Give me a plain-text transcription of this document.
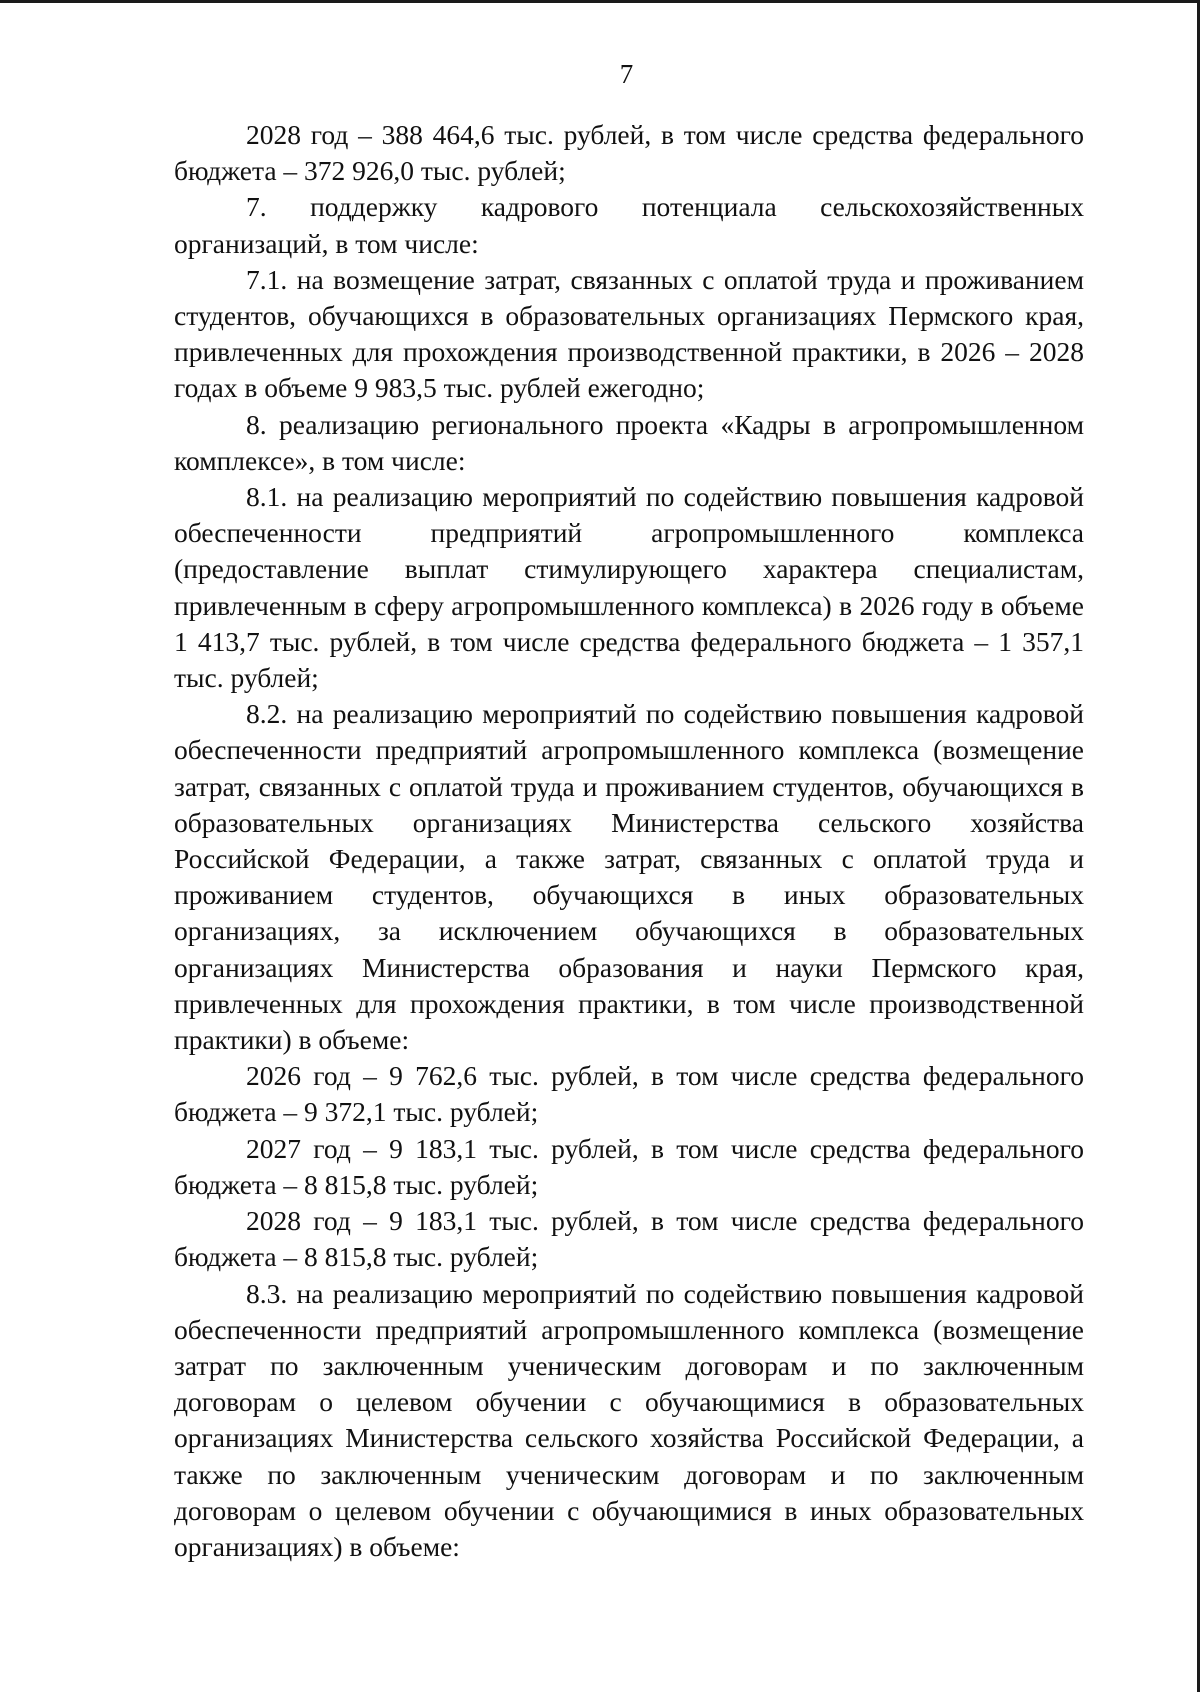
7

2028 год – 388 464,6 тыс. рублей, в том числе средства федерального бюджета – 372 926,0 тыс. рублей;

7. поддержку кадрового потенциала сельскохозяйственных организаций, в том числе:

7.1. на возмещение затрат, связанных с оплатой труда и проживанием студентов, обучающихся в образовательных организациях Пермского края, привлеченных для прохождения производственной практики, в 2026 – 2028 годах в объеме 9 983,5 тыс. рублей ежегодно;

8. реализацию регионального проекта «Кадры в агропромышленном комплексе», в том числе:

8.1. на реализацию мероприятий по содействию повышения кадровой обеспеченности предприятий агропромышленного комплекса (предоставление выплат стимулирующего характера специалистам, привлеченным в сферу агропромышленного комплекса) в 2026 году в объеме 1 413,7 тыс. рублей, в том числе средства федерального бюджета – 1 357,1 тыс. рублей;

8.2. на реализацию мероприятий по содействию повышения кадровой обеспеченности предприятий агропромышленного комплекса (возмещение затрат, связанных с оплатой труда и проживанием студентов, обучающихся в образовательных организациях Министерства сельского хозяйства Российской Федерации, а также затрат, связанных с оплатой труда и проживанием студентов, обучающихся в иных образовательных организациях, за исключением обучающихся в образовательных организациях Министерства образования и науки Пермского края, привлеченных для прохождения практики, в том числе производственной практики) в объеме:

2026 год – 9 762,6 тыс. рублей, в том числе средства федерального бюджета – 9 372,1 тыс. рублей;

2027 год – 9 183,1 тыс. рублей, в том числе средства федерального бюджета – 8 815,8 тыс. рублей;

2028 год – 9 183,1 тыс. рублей, в том числе средства федерального бюджета – 8 815,8 тыс. рублей;

8.3. на реализацию мероприятий по содействию повышения кадровой обеспеченности предприятий агропромышленного комплекса (возмещение затрат по заключенным ученическим договорам и по заключенным договорам о целевом обучении с обучающимися в образовательных организациях Министерства сельского хозяйства Российской Федерации, а также по заключенным ученическим договорам и по заключенным договорам о целевом обучении с обучающимися в иных образовательных организациях) в объеме:
